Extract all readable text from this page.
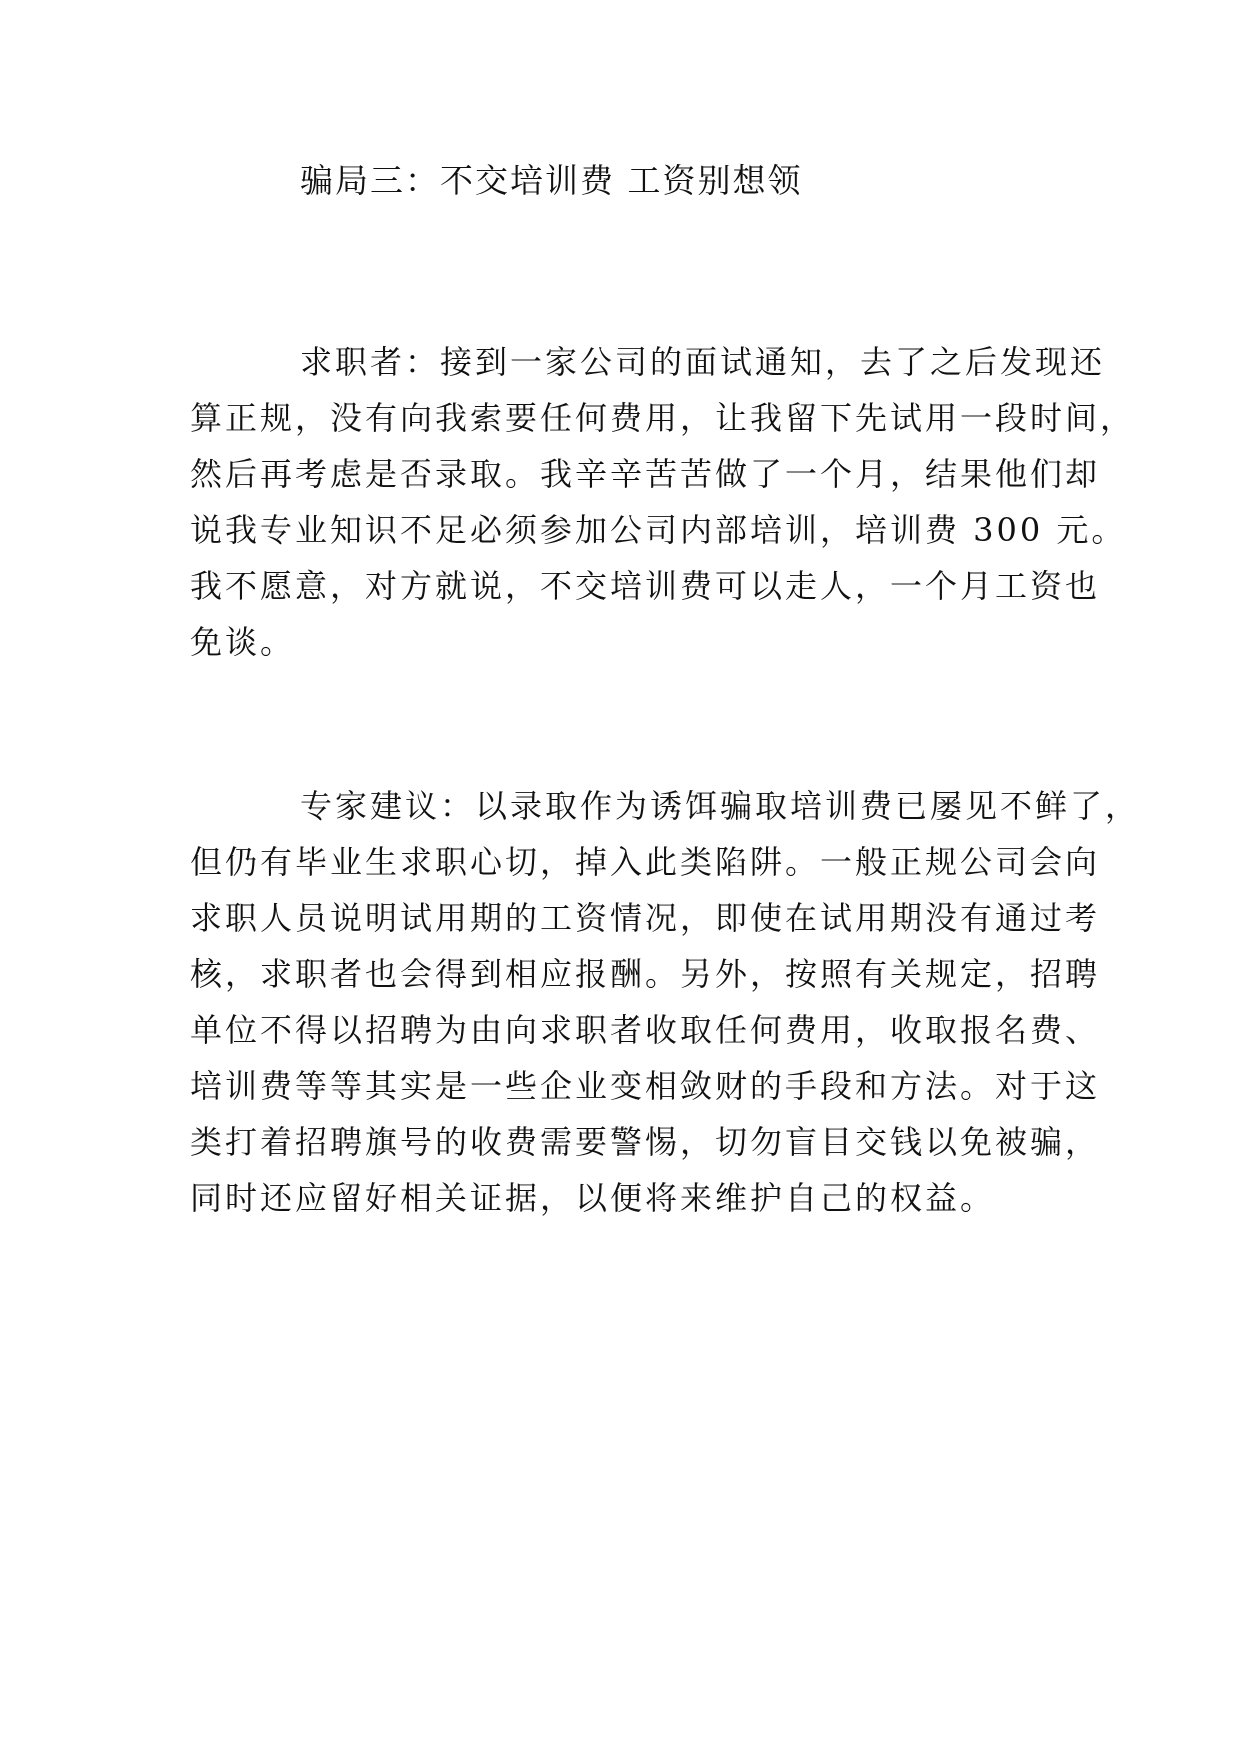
骗局三：不交培训费 工资别想领
求职者：接到一家公司的面试通知，去了之后发现还
算正规，没有向我索要任何费用，让我留下先试用一段时间，
然后再考虑是否录取。我辛辛苦苦做了一个月，结果他们却
说我专业知识不足必须参加公司内部培训，培训费 300 元。
我不愿意，对方就说，不交培训费可以走人，一个月工资也
免谈。
专家建议：以录取作为诱饵骗取培训费已屡见不鲜了，
但仍有毕业生求职心切，掉入此类陷阱。一般正规公司会向
求职人员说明试用期的工资情况，即使在试用期没有通过考
核，求职者也会得到相应报酬。另外，按照有关规定，招聘
单位不得以招聘为由向求职者收取任何费用，收取报名费、
培训费等等其实是一些企业变相敛财的手段和方法。对于这
类打着招聘旗号的收费需要警惕，切勿盲目交钱以免被骗，
同时还应留好相关证据，以便将来维护自己的权益。
